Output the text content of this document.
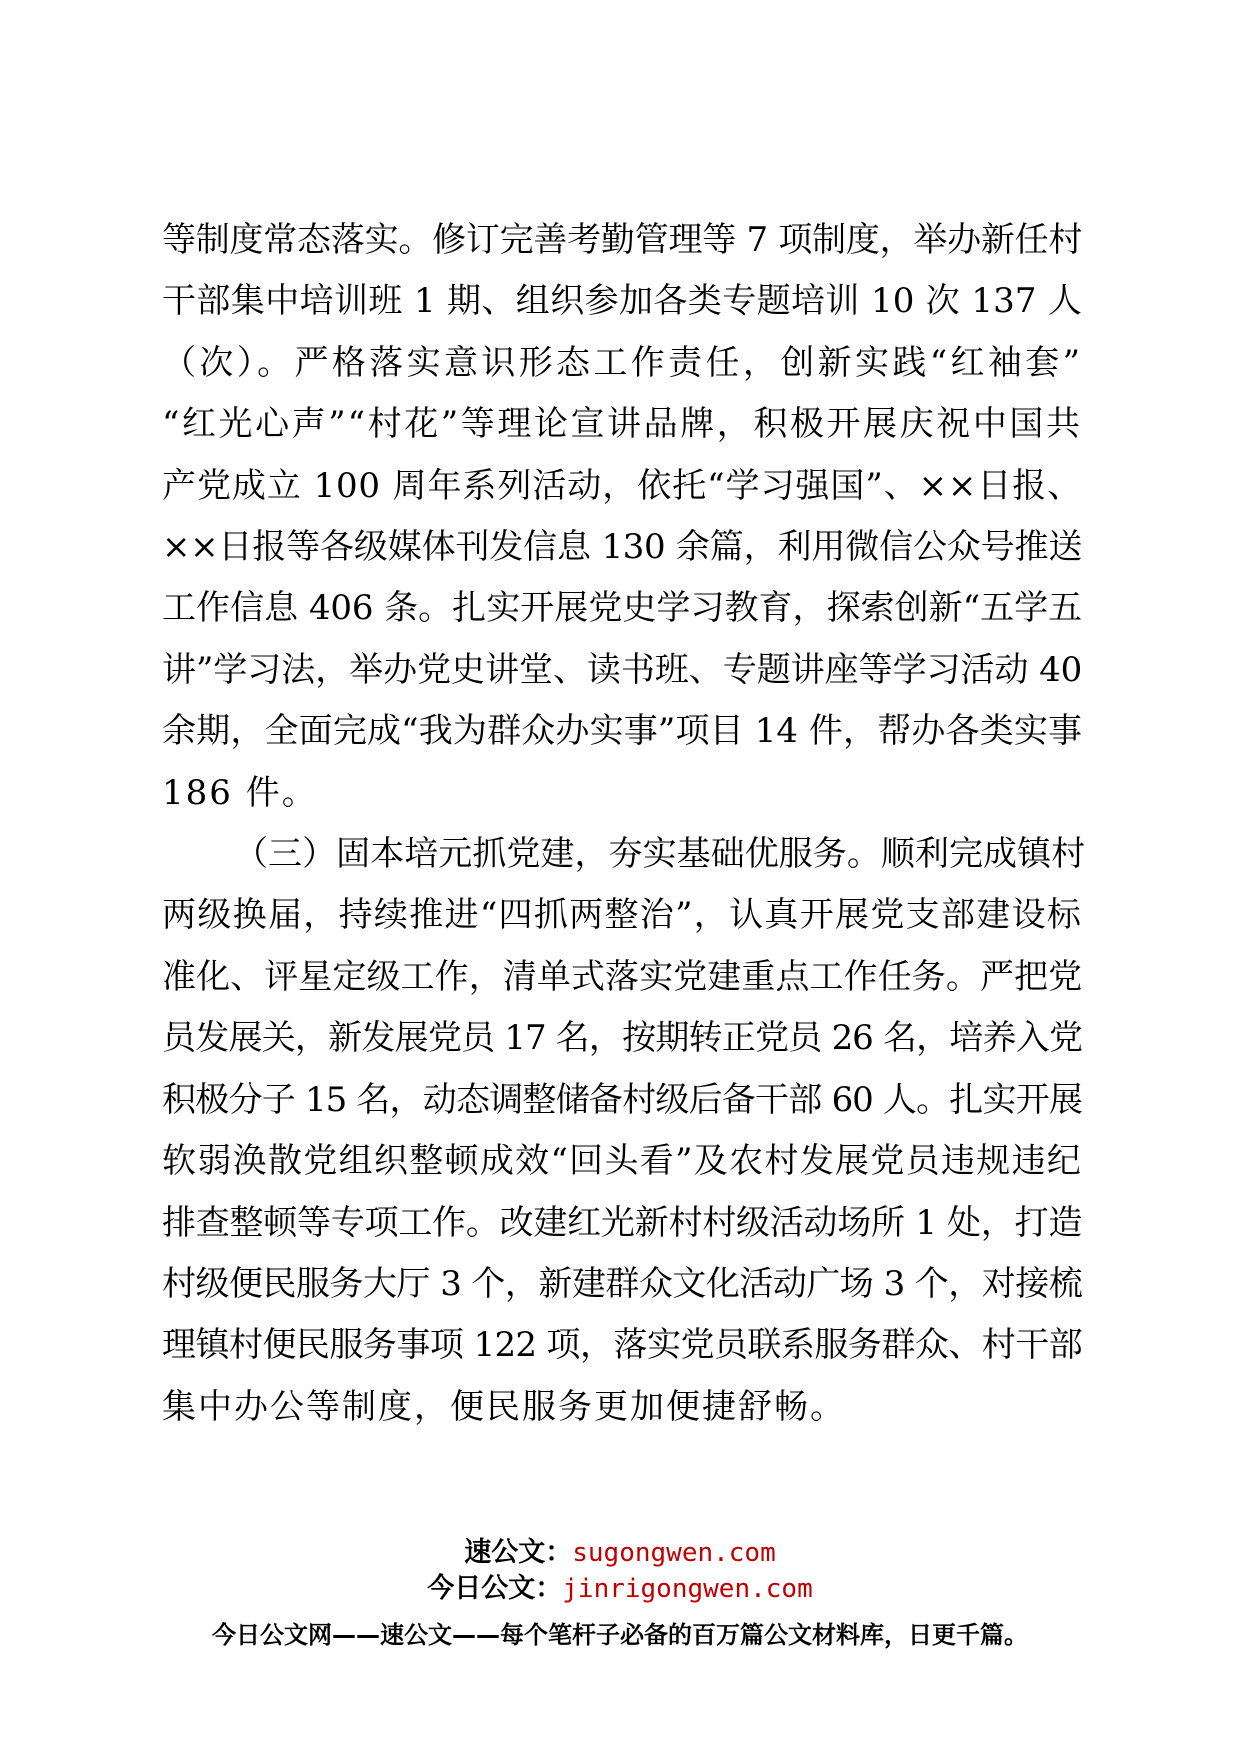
等制度常态落实。修订完善考勤管理等 7 项制度，举办新任村
干部集中培训班 1 期、组织参加各类专题培训 10 次 137 人
（次）。严格落实意识形态工作责任，创新实践“红袖套”
“红光心声”“村花”等理论宣讲品牌，积极开展庆祝中国共
产党成立 100 周年系列活动，依托“学习强国”、××日报、
××日报等各级媒体刊发信息 130 余篇，利用微信公众号推送
工作信息 406 条。扎实开展党史学习教育，探索创新“五学五
讲”学习法，举办党史讲堂、读书班、专题讲座等学习活动 40
余期，全面完成“我为群众办实事”项目 14 件，帮办各类实事
186 件。

（三）固本培元抓党建，夯实基础优服务。顺利完成镇村
两级换届，持续推进“四抓两整治”，认真开展党支部建设标
准化、评星定级工作，清单式落实党建重点工作任务。严把党
员发展关，新发展党员 17 名，按期转正党员 26 名，培养入党
积极分子 15 名，动态调整储备村级后备干部 60 人。扎实开展
软弱涣散党组织整顿成效“回头看”及农村发展党员违规违纪
排查整顿等专项工作。改建红光新村村级活动场所 1 处，打造
村级便民服务大厅 3 个，新建群众文化活动广场 3 个，对接梳
理镇村便民服务事项 122 项，落实党员联系服务群众、村干部
集中办公等制度，便民服务更加便捷舒畅。

速公文：sugongwen.com

今日公文：jinrigongwen.com

今日公文网——速公文——每个笔杆子必备的百万篇公文材料库，日更千篇。
